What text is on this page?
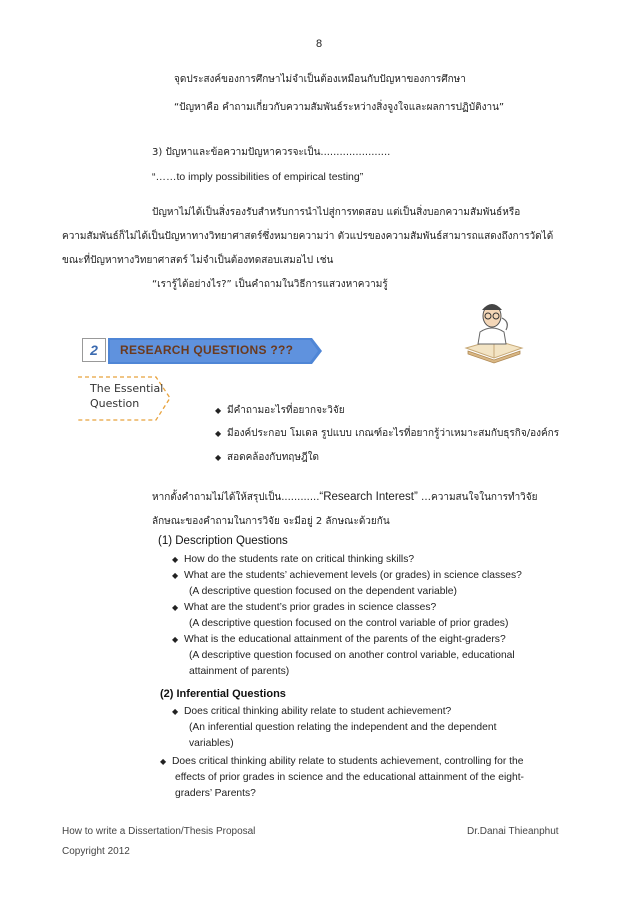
8
จุดประสงค์ของการศึกษาไม่จำเป็นต้องเหมือนกับปัญหาของการศึกษา
“ปัญหาคือ คำถามเกี่ยวกับความสัมพันธ์ระหว่างสิ่งจูงใจและผลการปฏิบัติงาน”
3) ปัญหาและข้อความปัญหาควรจะเป็น......................
“……to imply possibilities of empirical testing”
ปัญหาไม่ได้เป็นสิ่งรองรับสำหรับการนำไปสู่การทดสอบ แต่เป็นสิ่งบอกความสัมพันธ์หรือ
ความสัมพันธ์ก็ไม่ได้เป็นปัญหาทางวิทยาศาสตร์ซึ่งหมายความว่า ตัวแปรของความสัมพันธ์สามารถแสดงถึงการวัดได้
ขณะที่ปัญหาทางวิทยาศาสตร์ ไม่จำเป็นต้องทดสอบเสมอไป เช่น
“เรารู้ได้อย่างไร?” เป็นคำถามในวิธีการแสวงหาความรู้
2	RESEARCH QUESTIONS ???
The Essential
Question
◆ มีคำถามอะไรที่อยากจะวิจัย
◆ มีองค์ประกอบ โมเดล รูปแบบ เกณฑ์อะไรที่อยากรู้ว่าเหมาะสมกับธุรกิจ/องค์กร
◆ สอดคล้องกับทฤษฎีใด
หากตั้งคำถามไม่ได้ให้สรุปเป็น............“Research Interest” …ความสนใจในการทำวิจัย
ลักษณะของคำถามในการวิจัย จะมีอยู่ 2 ลักษณะด้วยกัน
(1) Description Questions
◆ How do the students rate on critical thinking skills?
◆ What are the students’ achievement levels (or grades) in science classes?
(A descriptive question focused on the dependent variable)
◆ What are the student’s prior grades in science classes?
(A descriptive question focused on the control variable of prior grades)
◆ What is the educational attainment of the parents of the eight-graders?
(A descriptive question focused on another control variable, educational
attainment of parents)
(2) Inferential Questions
◆ Does critical thinking ability relate to student achievement?
(An inferential question relating the independent and the dependent
variables)
◆ Does critical thinking ability relate to students achievement, controlling for the
effects of prior grades in science and the educational attainment of the eight-
graders’ Parents?
How to write a Dissertation/Thesis Proposal	Dr.Danai Thieanphut
Copyright 2012
